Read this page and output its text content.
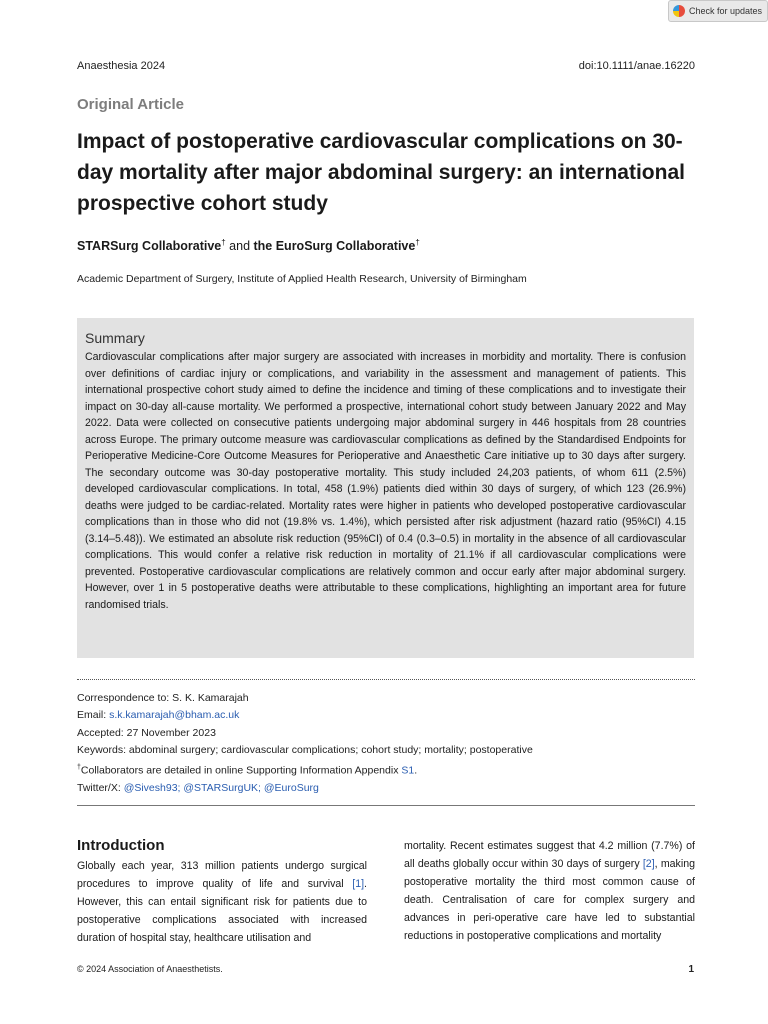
Check for updates
Anaesthesia 2024	doi:10.1111/anae.16220
Original Article
Impact of postoperative cardiovascular complications on 30-day mortality after major abdominal surgery: an international prospective cohort study
STARSurg Collaborative† and the EuroSurg Collaborative†
Academic Department of Surgery, Institute of Applied Health Research, University of Birmingham
Summary

Cardiovascular complications after major surgery are associated with increases in morbidity and mortality. There is confusion over definitions of cardiac injury or complications, and variability in the assessment and management of patients. This international prospective cohort study aimed to define the incidence and timing of these complications and to investigate their impact on 30-day all-cause mortality. We performed a prospective, international cohort study between January 2022 and May 2022. Data were collected on consecutive patients undergoing major abdominal surgery in 446 hospitals from 28 countries across Europe. The primary outcome measure was cardiovascular complications as defined by the Standardised Endpoints for Perioperative Medicine-Core Outcome Measures for Perioperative and Anaesthetic Care initiative up to 30 days after surgery. The secondary outcome was 30-day postoperative mortality. This study included 24,203 patients, of whom 611 (2.5%) developed cardiovascular complications. In total, 458 (1.9%) patients died within 30 days of surgery, of which 123 (26.9%) deaths were judged to be cardiac-related. Mortality rates were higher in patients who developed postoperative cardiovascular complications than in those who did not (19.8% vs. 1.4%), which persisted after risk adjustment (hazard ratio (95%CI) 4.15 (3.14–5.48)). We estimated an absolute risk reduction (95%CI) of 0.4 (0.3–0.5) in mortality in the absence of all cardiovascular complications. This would confer a relative risk reduction in mortality of 21.1% if all cardiovascular complications were prevented. Postoperative cardiovascular complications are relatively common and occur early after major abdominal surgery. However, over 1 in 5 postoperative deaths were attributable to these complications, highlighting an important area for future randomised trials.

Correspondence to: S. K. Kamarajah
Email: s.k.kamarajah@bham.ac.uk
Accepted: 27 November 2023
Keywords: abdominal surgery; cardiovascular complications; cohort study; mortality; postoperative
†Collaborators are detailed in online Supporting Information Appendix S1.
Twitter/X: @Sivesh93; @STARSurgUK; @EuroSurg
Introduction

Globally each year, 313 million patients undergo surgical procedures to improve quality of life and survival [1]. However, this can entail significant risk for patients due to postoperative complications associated with increased duration of hospital stay, healthcare utilisation and

mortality. Recent estimates suggest that 4.2 million (7.7%) of all deaths globally occur within 30 days of surgery [2], making postoperative mortality the third most common cause of death. Centralisation of care for complex surgery and advances in peri-operative care have led to substantial reductions in postoperative complications and mortality

© 2024 Association of Anaesthetists.	1
